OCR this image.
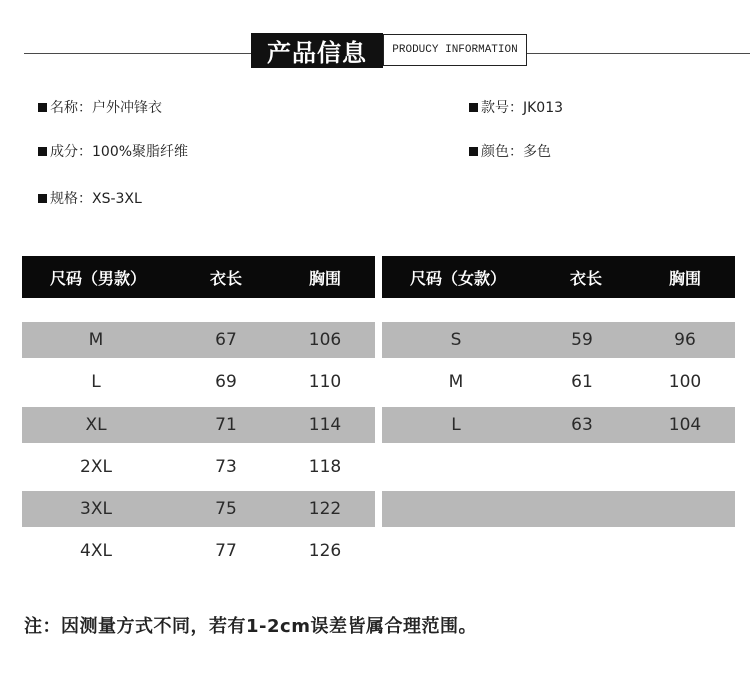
产品信息	PRODUCY INFORMATION
名称：户外冲锋衣	款号：JK013
成分：100%聚脂纤维	颜色：多色
规格：XS-3XL
尺码（男款）	衣长	胸围
M	67	106
L	69	110
XL	71	114
2XL	73	118
3XL	75	122
4XL	77	126
尺码（女款）	衣长	胸围
S	59	96
M	61	100
L	63	104
注：因测量方式不同，若有1-2cm误差皆属合理范围。
